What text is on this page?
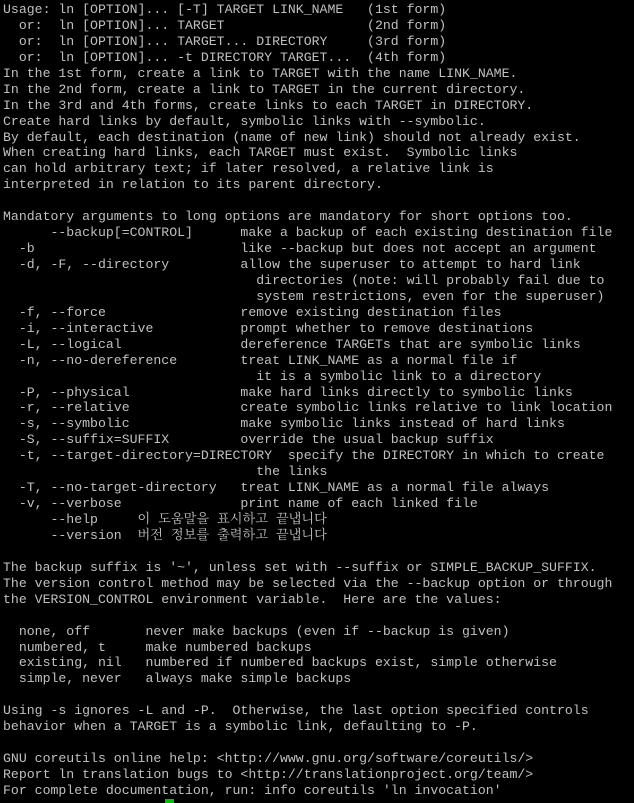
Usage: ln [OPTION]... [-T] TARGET LINK_NAME   (1st form)
or:  ln [OPTION]... TARGET                  (2nd form)
or:  ln [OPTION]... TARGET... DIRECTORY     (3rd form)
or:  ln [OPTION]... -t DIRECTORY TARGET...  (4th form)
In the 1st form, create a link to TARGET with the name LINK_NAME.
In the 2nd form, create a link to TARGET in the current directory.
In the 3rd and 4th forms, create links to each TARGET in DIRECTORY.
Create hard links by default, symbolic links with --symbolic.
By default, each destination (name of new link) should not already exist.
When creating hard links, each TARGET must exist.  Symbolic links
can hold arbitrary text; if later resolved, a relative link is
interpreted in relation to its parent directory.
Mandatory arguments to long options are mandatory for short options too.
--backup[=CONTROL]      make a backup of each existing destination file
-b                          like --backup but does not accept an argument
-d, -F, --directory         allow the superuser to attempt to hard link
directories (note: will probably fail due to
system restrictions, even for the superuser)
-f, --force                 remove existing destination files
-i, --interactive           prompt whether to remove destinations
-L, --logical               dereference TARGETs that are symbolic links
-n, --no-dereference        treat LINK_NAME as a normal file if
it is a symbolic link to a directory
-P, --physical              make hard links directly to symbolic links
-r, --relative              create symbolic links relative to link location
-s, --symbolic              make symbolic links instead of hard links
-S, --suffix=SUFFIX         override the usual backup suffix
-t, --target-directory=DIRECTORY  specify the DIRECTORY in which to create
the links
-T, --no-target-directory   treat LINK_NAME as a normal file always
-v, --verbose               print name of each linked file
--help     이 도움말을 표시하고 끝냅니다
--version  버전 정보를 출력하고 끝냅니다
The backup suffix is '~', unless set with --suffix or SIMPLE_BACKUP_SUFFIX.
The version control method may be selected via the --backup option or through
the VERSION_CONTROL environment variable.  Here are the values:
none, off       never make backups (even if --backup is given)
numbered, t     make numbered backups
existing, nil   numbered if numbered backups exist, simple otherwise
simple, never   always make simple backups
Using -s ignores -L and -P.  Otherwise, the last option specified controls
behavior when a TARGET is a symbolic link, defaulting to -P.
GNU coreutils online help: <http://www.gnu.org/software/coreutils/>
Report ln translation bugs to <http://translationproject.org/team/>
For complete documentation, run: info coreutils 'ln invocation'
